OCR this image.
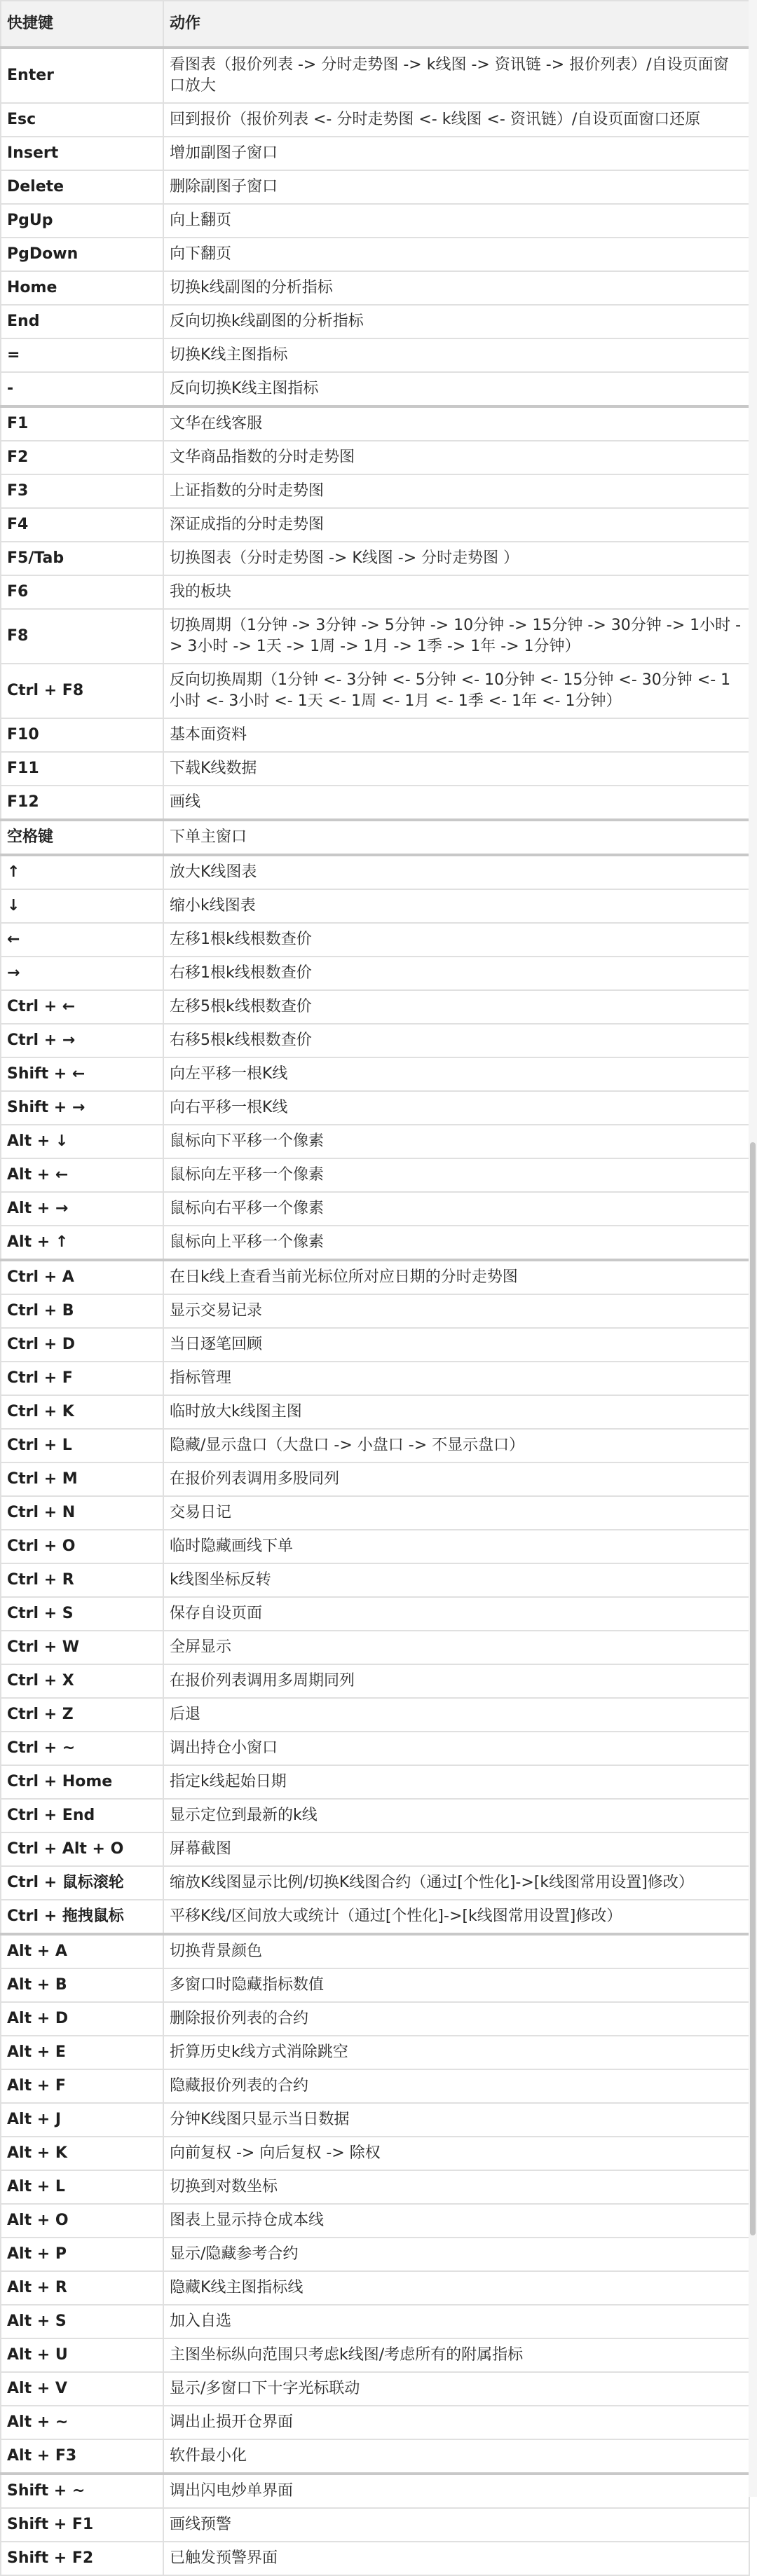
快捷键	动作
Enter	看图表（报价列表 -> 分时走势图 -> k线图 -> 资讯链 -> 报价列表）/自设页面窗口放大
Esc	回到报价（报价列表 <- 分时走势图 <- k线图 <- 资讯链）/自设页面窗口还原
Insert	增加副图子窗口
Delete	删除副图子窗口
PgUp	向上翻页
PgDown	向下翻页
Home	切换k线副图的分析指标
End	反向切换k线副图的分析指标
=	切换K线主图指标
-	反向切换K线主图指标
F1	文华在线客服
F2	文华商品指数的分时走势图
F3	上证指数的分时走势图
F4	深证成指的分时走势图
F5/Tab	切换图表（分时走势图 -> K线图 -> 分时走势图 ）
F6	我的板块
F8	切换周期（1分钟 -> 3分钟 -> 5分钟 -> 10分钟 -> 15分钟 -> 30分钟 -> 1小时 -> 3小时 -> 1天 -> 1周 -> 1月 -> 1季 -> 1年 -> 1分钟）
Ctrl + F8	反向切换周期（1分钟 <- 3分钟 <- 5分钟 <- 10分钟 <- 15分钟 <- 30分钟 <- 1小时 <- 3小时 <- 1天 <- 1周 <- 1月 <- 1季 <- 1年 <- 1分钟）
F10	基本面资料
F11	下载K线数据
F12	画线
空格键	下单主窗口
↑	放大K线图表
↓	缩小k线图表
←	左移1根k线根数查价
→	右移1根k线根数查价
Ctrl + ←	左移5根k线根数查价
Ctrl + →	右移5根k线根数查价
Shift + ←	向左平移一根K线
Shift + →	向右平移一根K线
Alt + ↓	鼠标向下平移一个像素
Alt + ←	鼠标向左平移一个像素
Alt + →	鼠标向右平移一个像素
Alt + ↑	鼠标向上平移一个像素
Ctrl + A	在日k线上查看当前光标位所对应日期的分时走势图
Ctrl + B	显示交易记录
Ctrl + D	当日逐笔回顾
Ctrl + F	指标管理
Ctrl + K	临时放大k线图主图
Ctrl + L	隐藏/显示盘口（大盘口 -> 小盘口 -> 不显示盘口）
Ctrl + M	在报价列表调用多股同列
Ctrl + N	交易日记
Ctrl + O	临时隐藏画线下单
Ctrl + R	k线图坐标反转
Ctrl + S	保存自设页面
Ctrl + W	全屏显示
Ctrl + X	在报价列表调用多周期同列
Ctrl + Z	后退
Ctrl + ~	调出持仓小窗口
Ctrl + Home	指定k线起始日期
Ctrl + End	显示定位到最新的k线
Ctrl + Alt + O	屏幕截图
Ctrl + 鼠标滚轮	缩放K线图显示比例/切换K线图合约（通过[个性化]->[k线图常用设置]修改）
Ctrl + 拖拽鼠标	平移K线/区间放大或统计（通过[个性化]->[k线图常用设置]修改）
Alt + A	切换背景颜色
Alt + B	多窗口时隐藏指标数值
Alt + D	删除报价列表的合约
Alt + E	折算历史k线方式消除跳空
Alt + F	隐藏报价列表的合约
Alt + J	分钟K线图只显示当日数据
Alt + K	向前复权 -> 向后复权 -> 除权
Alt + L	切换到对数坐标
Alt + O	图表上显示持仓成本线
Alt + P	显示/隐藏参考合约
Alt + R	隐藏K线主图指标线
Alt + S	加入自选
Alt + U	主图坐标纵向范围只考虑k线图/考虑所有的附属指标
Alt + V	显示/多窗口下十字光标联动
Alt + ~	调出止损开仓界面
Alt + F3	软件最小化
Shift + ~	调出闪电炒单界面
Shift + F1	画线预警
Shift + F2	已触发预警界面
